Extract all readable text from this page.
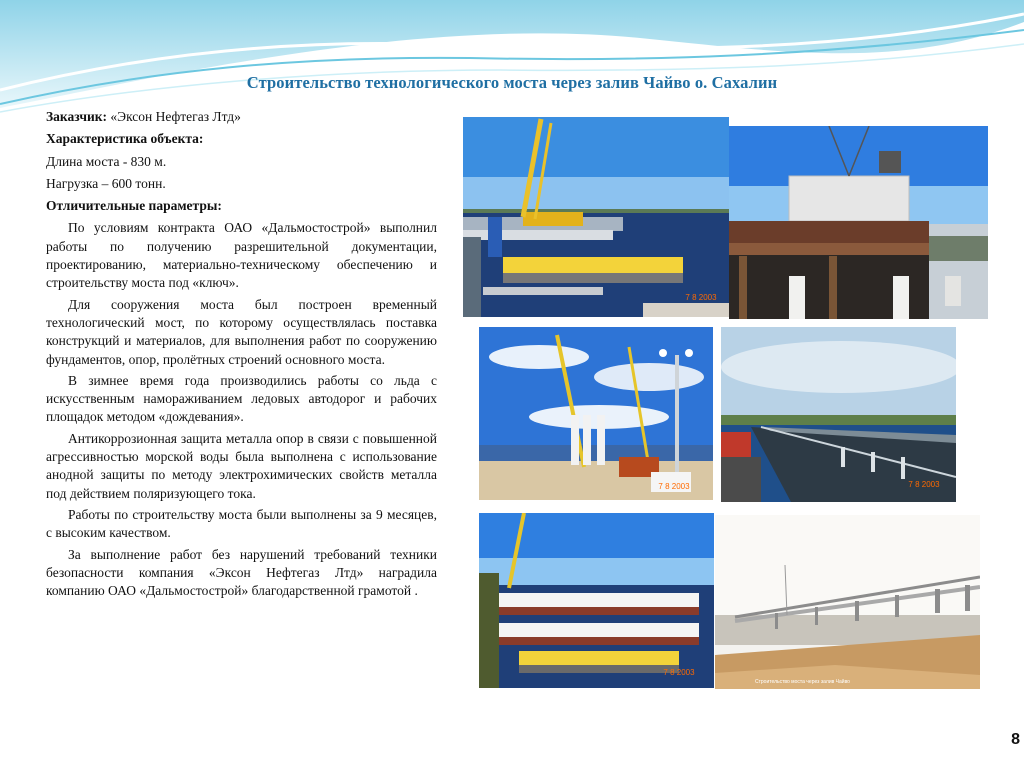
Строительство технологического моста через залив Чайво о. Сахалин

Заказчик: «Эксон Нефтегаз Лтд»

Характеристика объекта:

Длина моста - 830 м.

Нагрузка – 600 тонн.

Отличительные параметры:

По условиям контракта ОАО «Дальмостострой» выполнил работы по получению разрешительной документации, проектированию, материально-техническому обеспечению и строительству моста под «ключ».

Для сооружения моста был построен временный технологический мост, по которому осуществлялась поставка конструкций и материалов, для выполнения работ по сооружению фундаментов, опор, пролётных строений основного моста.

В зимнее время года производились работы со льда с искусственным намораживанием ледовых автодорог и рабочих площадок методом «дождевания».

Антикоррозионная защита металла опор в связи с повышенной агрессивностью морской воды была выполнена с использование анодной защиты по методу электрохимических свойств металла под действием поляризующего тока.

Работы по строительству моста были выполнены за 9 месяцев, с высоким качеством.

За выполнение работ без нарушений требований техники безопасности компания «Эксон Нефтегаз Лтд» наградила компанию ОАО «Дальмостострой» благодарственной грамотой .

7 8 2003
7 8 2003	7 8 2003
7 8 2003
Строительство моста через залив Чайво
8
